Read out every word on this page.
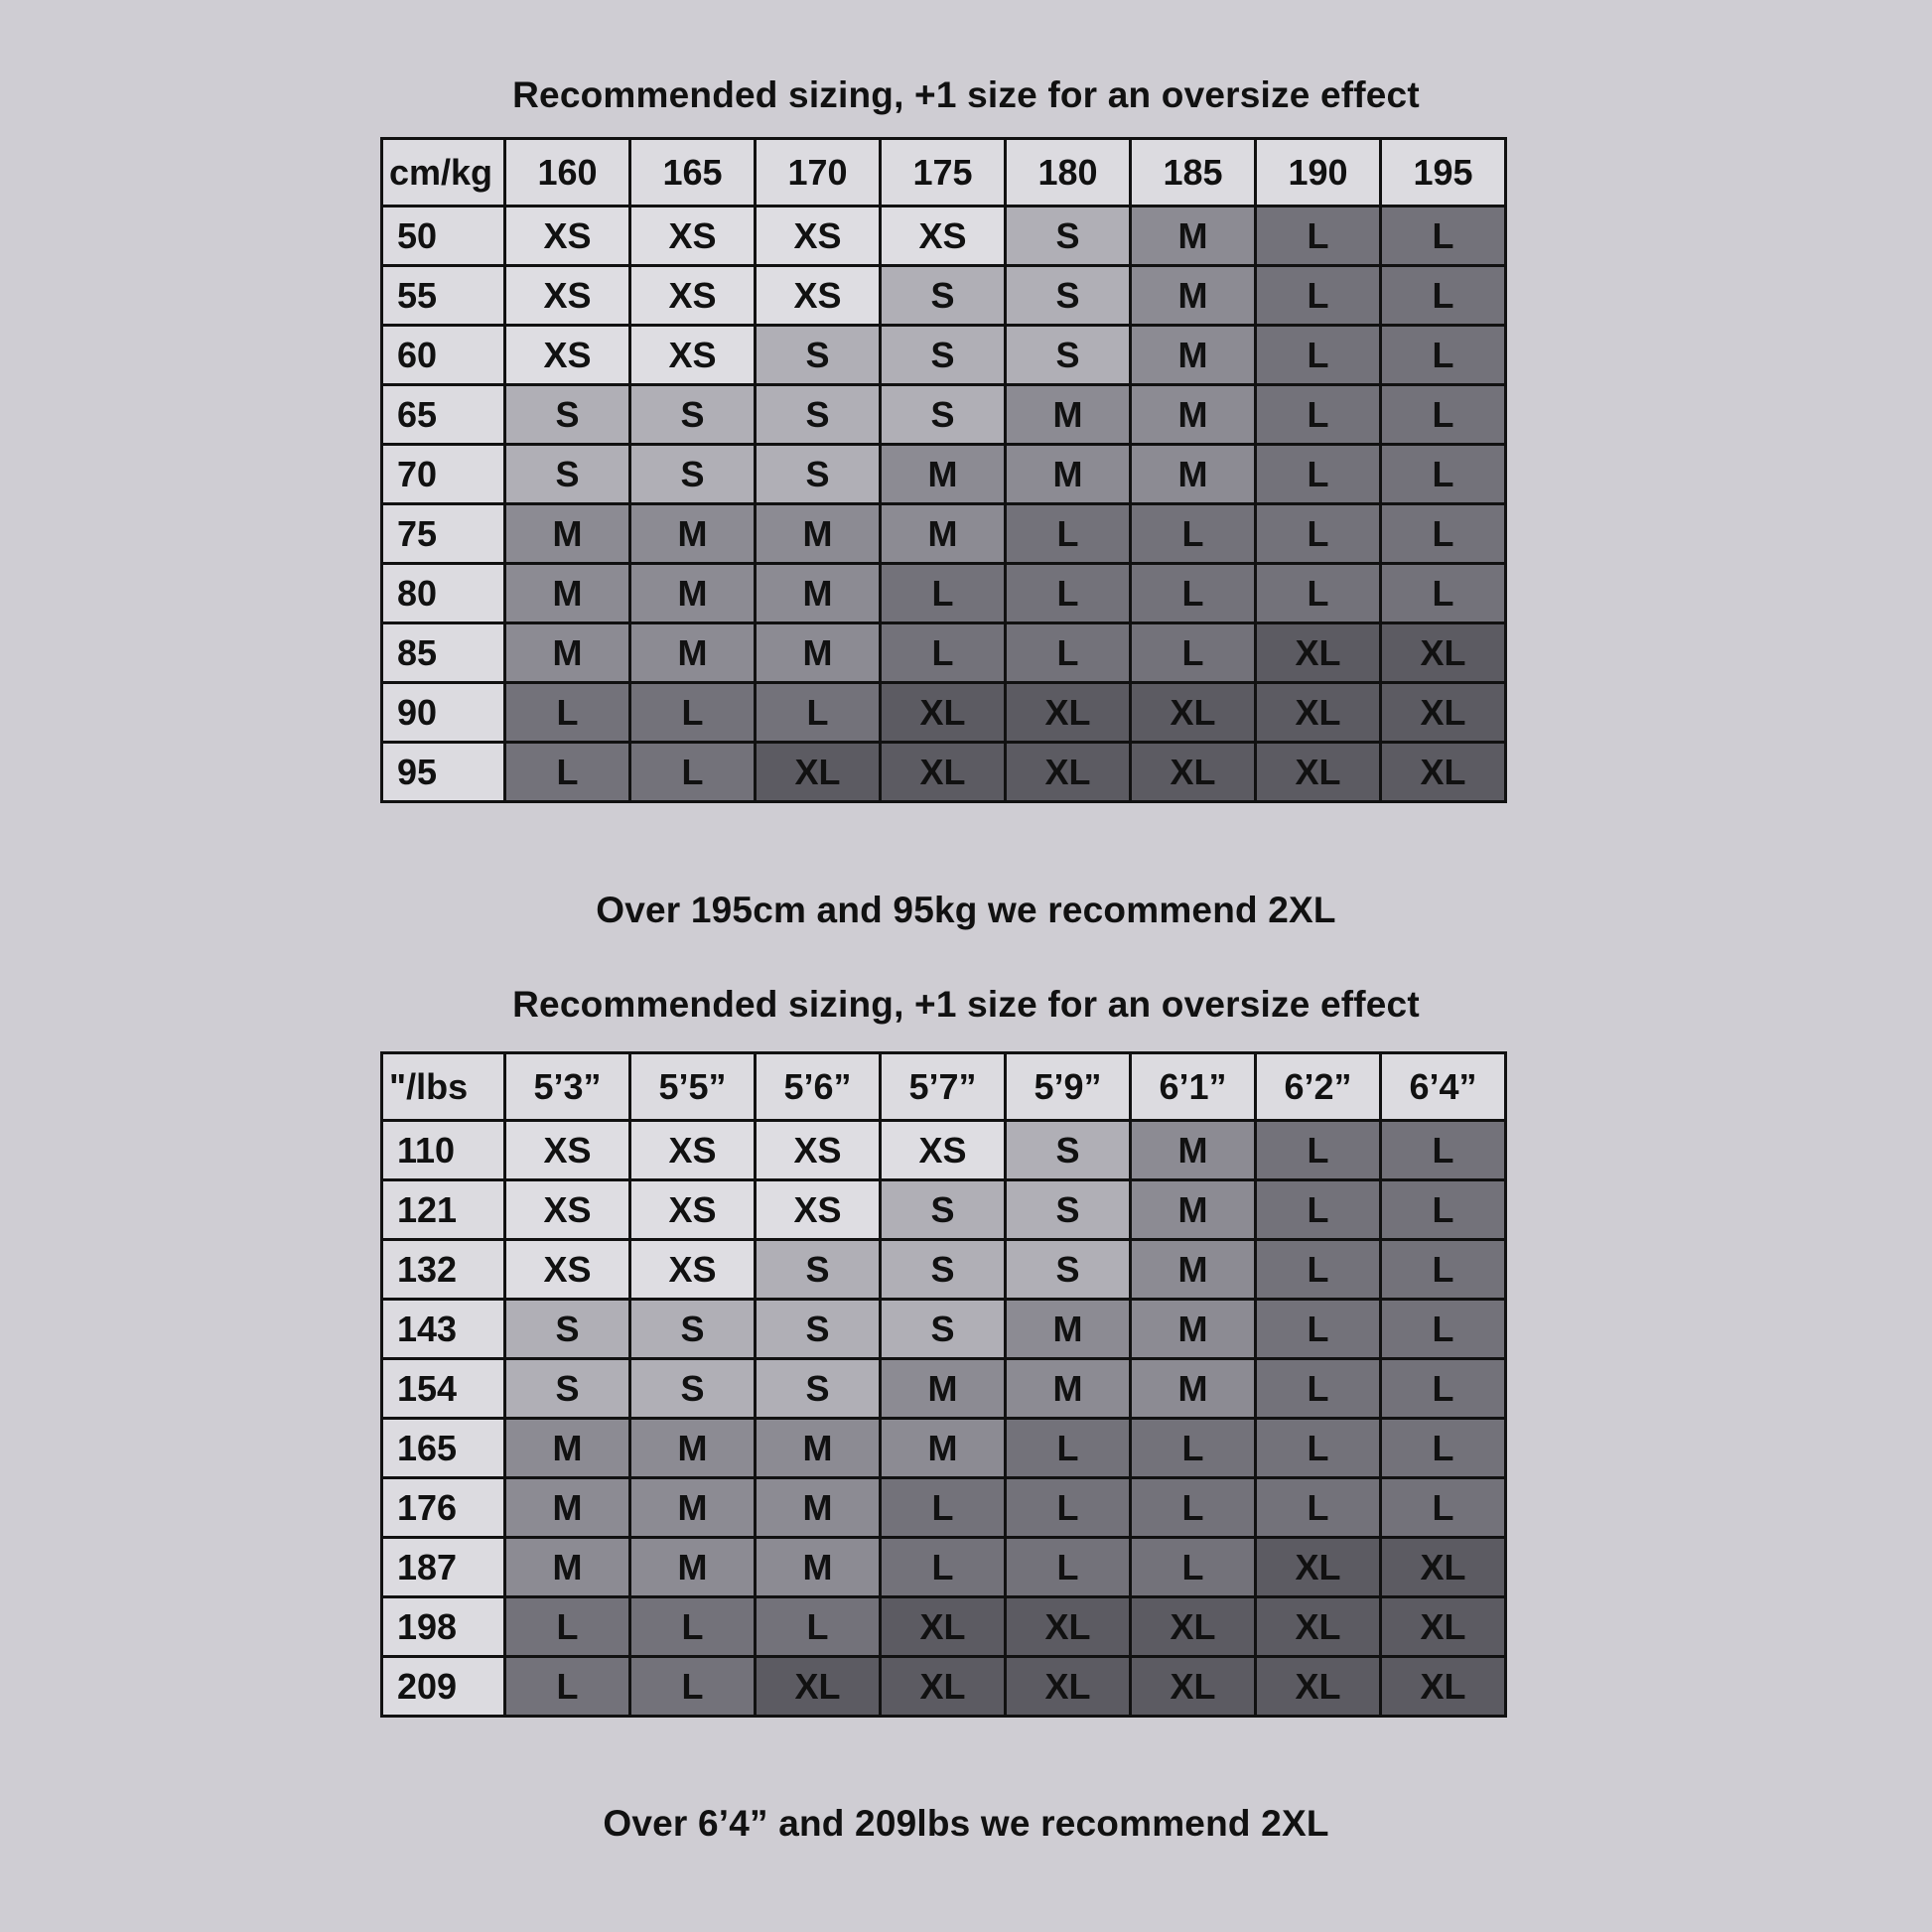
Recommended sizing, +1 size for an oversize effect
cm/kg	160	165	170	175	180	185	190	195
50	XS	XS	XS	XS	S	M	L	L
55	XS	XS	XS	S	S	M	L	L
60	XS	XS	S	S	S	M	L	L
65	S	S	S	S	M	M	L	L
70	S	S	S	M	M	M	L	L
75	M	M	M	M	L	L	L	L
80	M	M	M	L	L	L	L	L
85	M	M	M	L	L	L	XL	XL
90	L	L	L	XL	XL	XL	XL	XL
95	L	L	XL	XL	XL	XL	XL	XL
Over 195cm and 95kg we recommend 2XL
Recommended sizing, +1 size for an oversize effect
"/lbs	5’3”	5’5”	5’6”	5’7”	5’9”	6’1”	6’2”	6’4”
110	XS	XS	XS	XS	S	M	L	L
121	XS	XS	XS	S	S	M	L	L
132	XS	XS	S	S	S	M	L	L
143	S	S	S	S	M	M	L	L
154	S	S	S	M	M	M	L	L
165	M	M	M	M	L	L	L	L
176	M	M	M	L	L	L	L	L
187	M	M	M	L	L	L	XL	XL
198	L	L	L	XL	XL	XL	XL	XL
209	L	L	XL	XL	XL	XL	XL	XL
Over 6’4” and 209lbs we recommend 2XL
